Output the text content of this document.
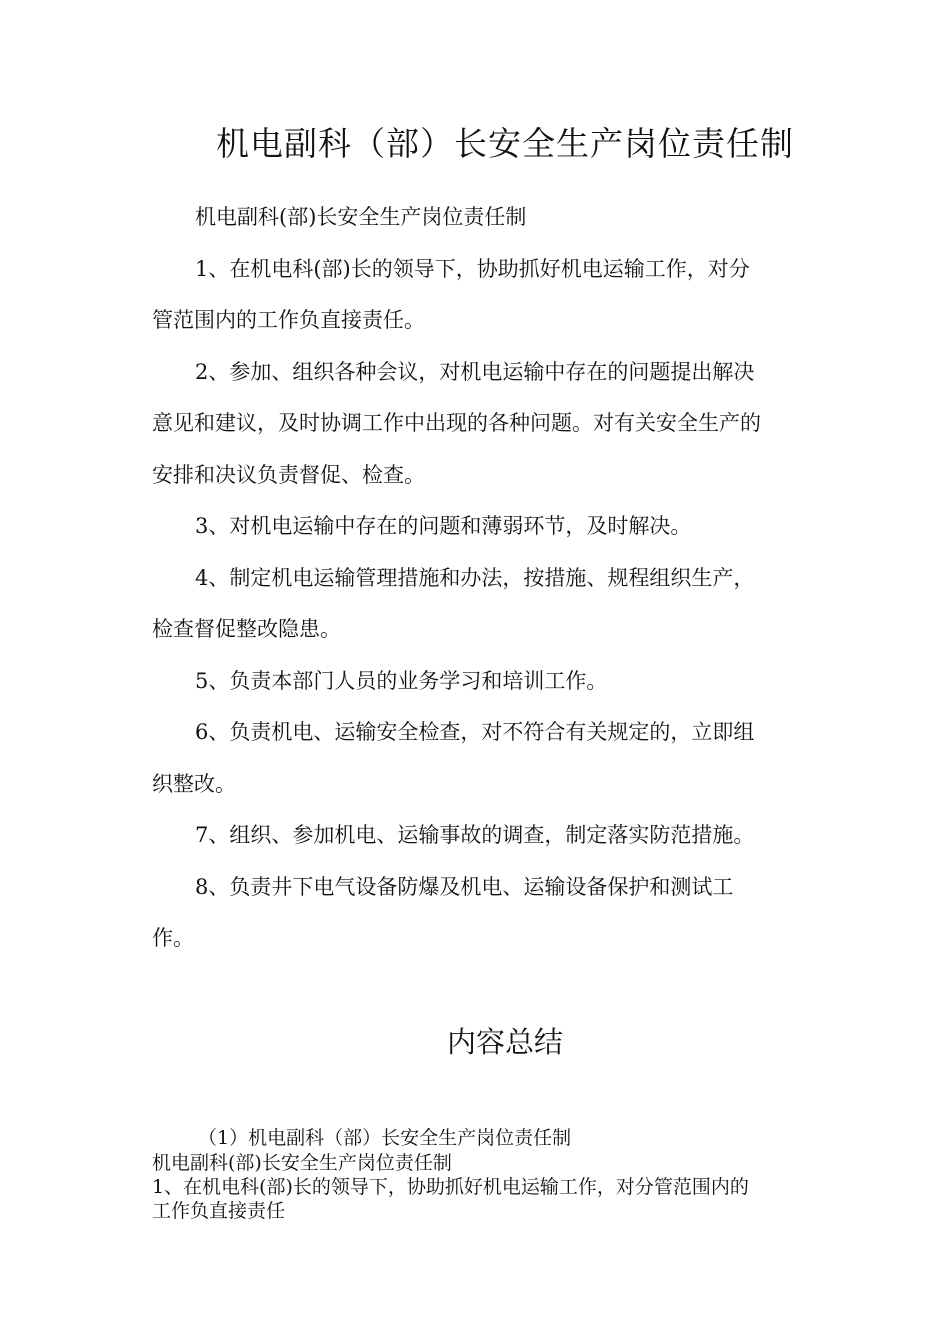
机电副科（部）长安全生产岗位责任制
机电副科(部)长安全生产岗位责任制
1、在机电科(部)长的领导下，协助抓好机电运输工作，对分
管范围内的工作负直接责任。
2、参加、组织各种会议，对机电运输中存在的问题提出解决
意见和建议，及时协调工作中出现的各种问题。对有关安全生产的
安排和决议负责督促、检查。
3、对机电运输中存在的问题和薄弱环节，及时解决。
4、制定机电运输管理措施和办法，按措施、规程组织生产，
检查督促整改隐患。
5、负责本部门人员的业务学习和培训工作。
6、负责机电、运输安全检查，对不符合有关规定的，立即组
织整改。
7、组织、参加机电、运输事故的调查，制定落实防范措施。
8、负责井下电气设备防爆及机电、运输设备保护和测试工
作。
内容总结
（1）机电副科（部）长安全生产岗位责任制
机电副科(部)长安全生产岗位责任制
1、在机电科(部)长的领导下，协助抓好机电运输工作，对分管范围内的
工作负直接责任
